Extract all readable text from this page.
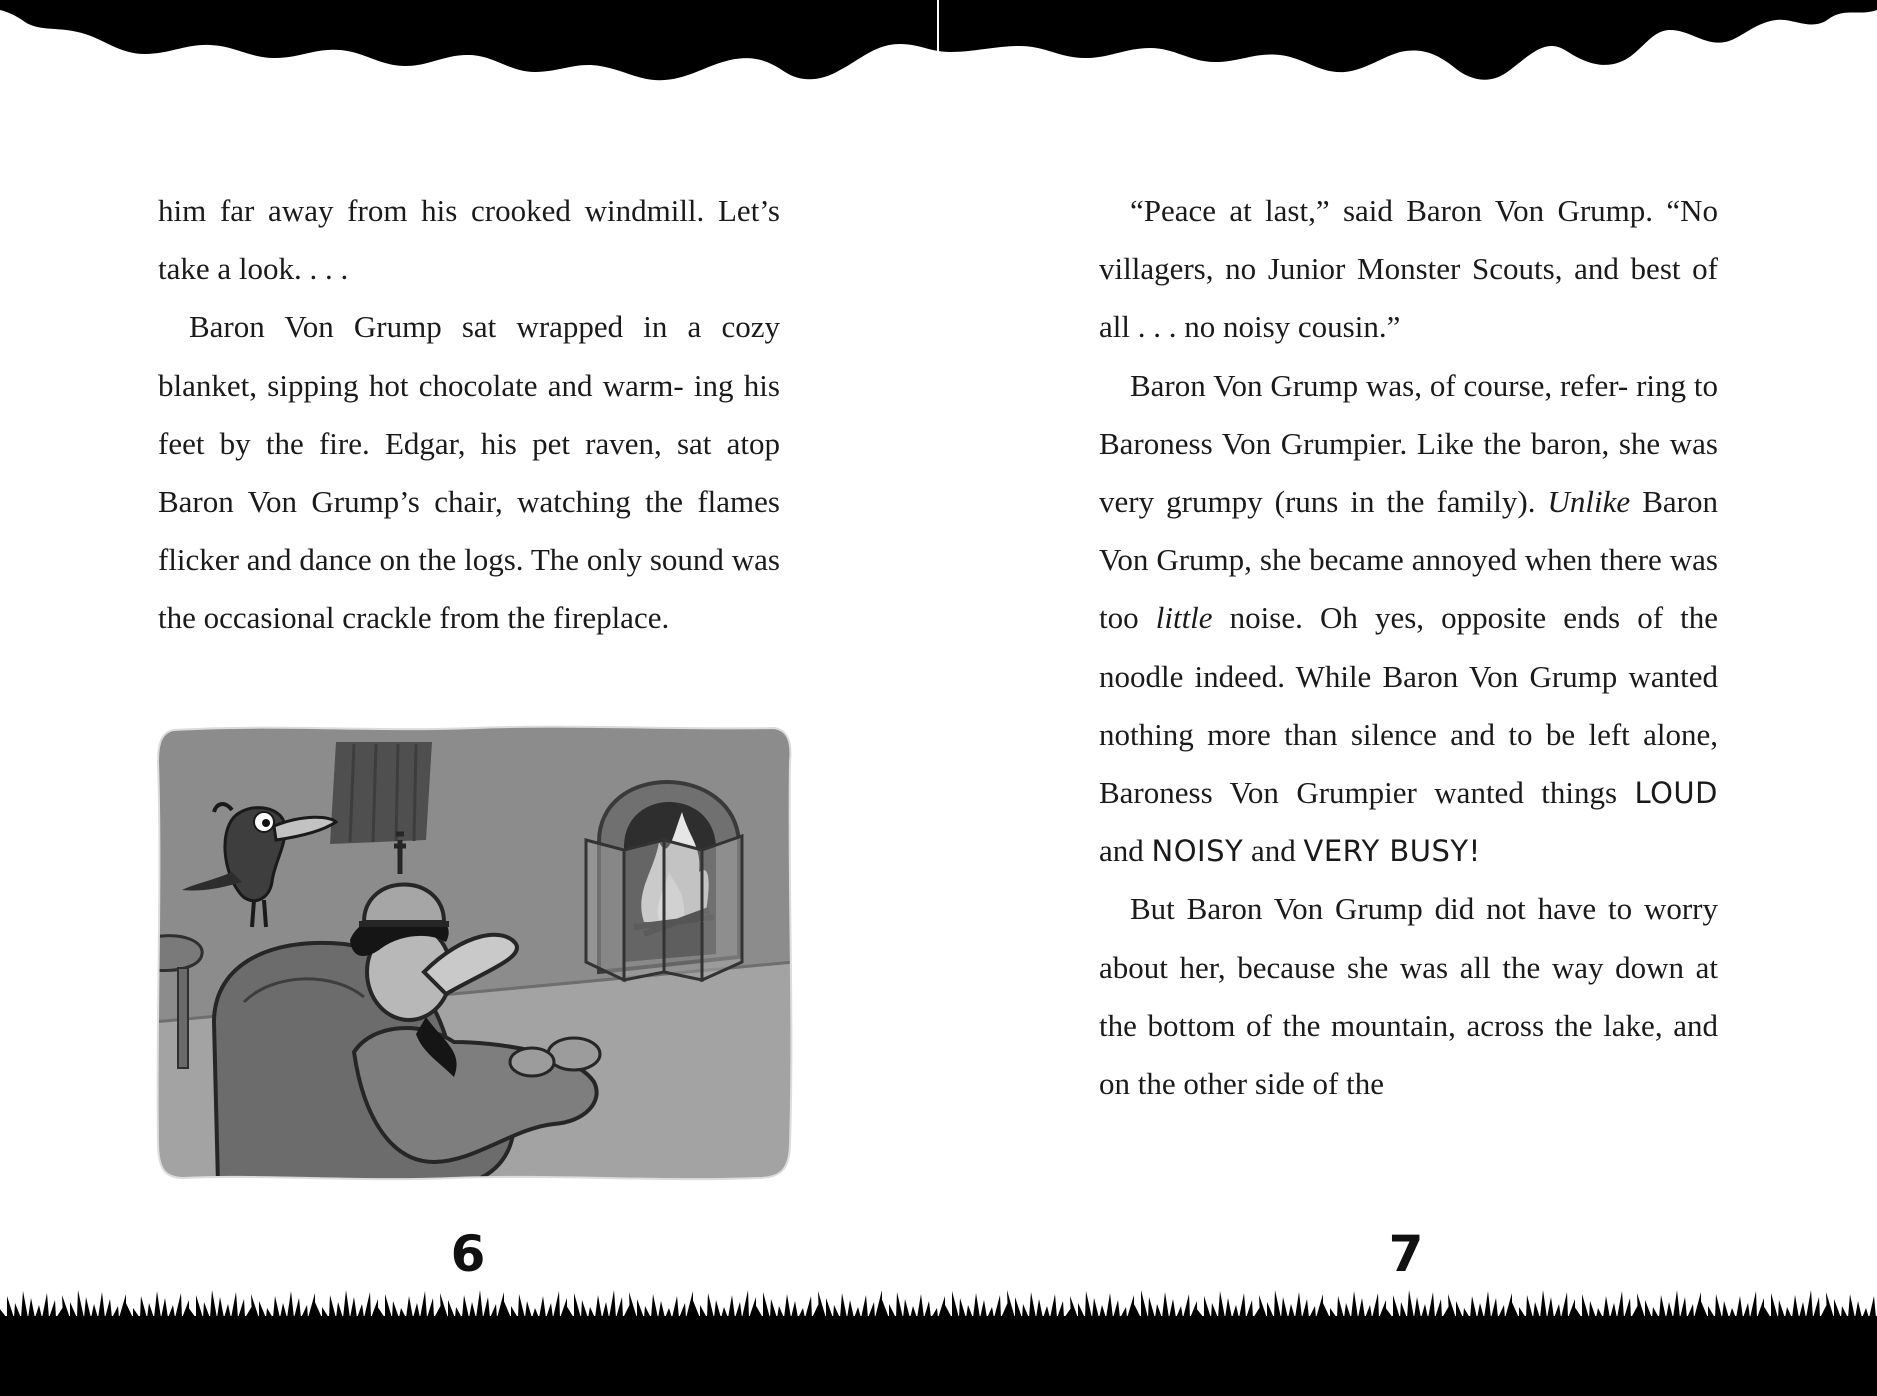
him far away from his crooked windmill. Let’s take a look. . . .

Baron Von Grump sat wrapped in a cozy blanket, sipping hot chocolate and warm- ing his feet by the fire. Edgar, his pet raven, sat atop Baron Von Grump’s chair, watching the flames flicker and dance on the logs. The only sound was the occasional crackle from the fireplace.

6

“Peace at last,” said Baron Von Grump. “No villagers, no Junior Monster Scouts, and best of all . . . no noisy cousin.”

Baron Von Grump was, of course, refer- ring to Baroness Von Grumpier. Like the baron, she was very grumpy (runs in the family). Unlike Baron Von Grump, she became annoyed when there was too little noise. Oh yes, opposite ends of the noodle indeed. While Baron Von Grump wanted nothing more than silence and to be left alone, Baroness Von Grumpier wanted things LOUD and NOISY and VERY BUSY!

But Baron Von Grump did not have to worry about her, because she was all the way down at the bottom of the mountain, across the lake, and on the other side of the

7
